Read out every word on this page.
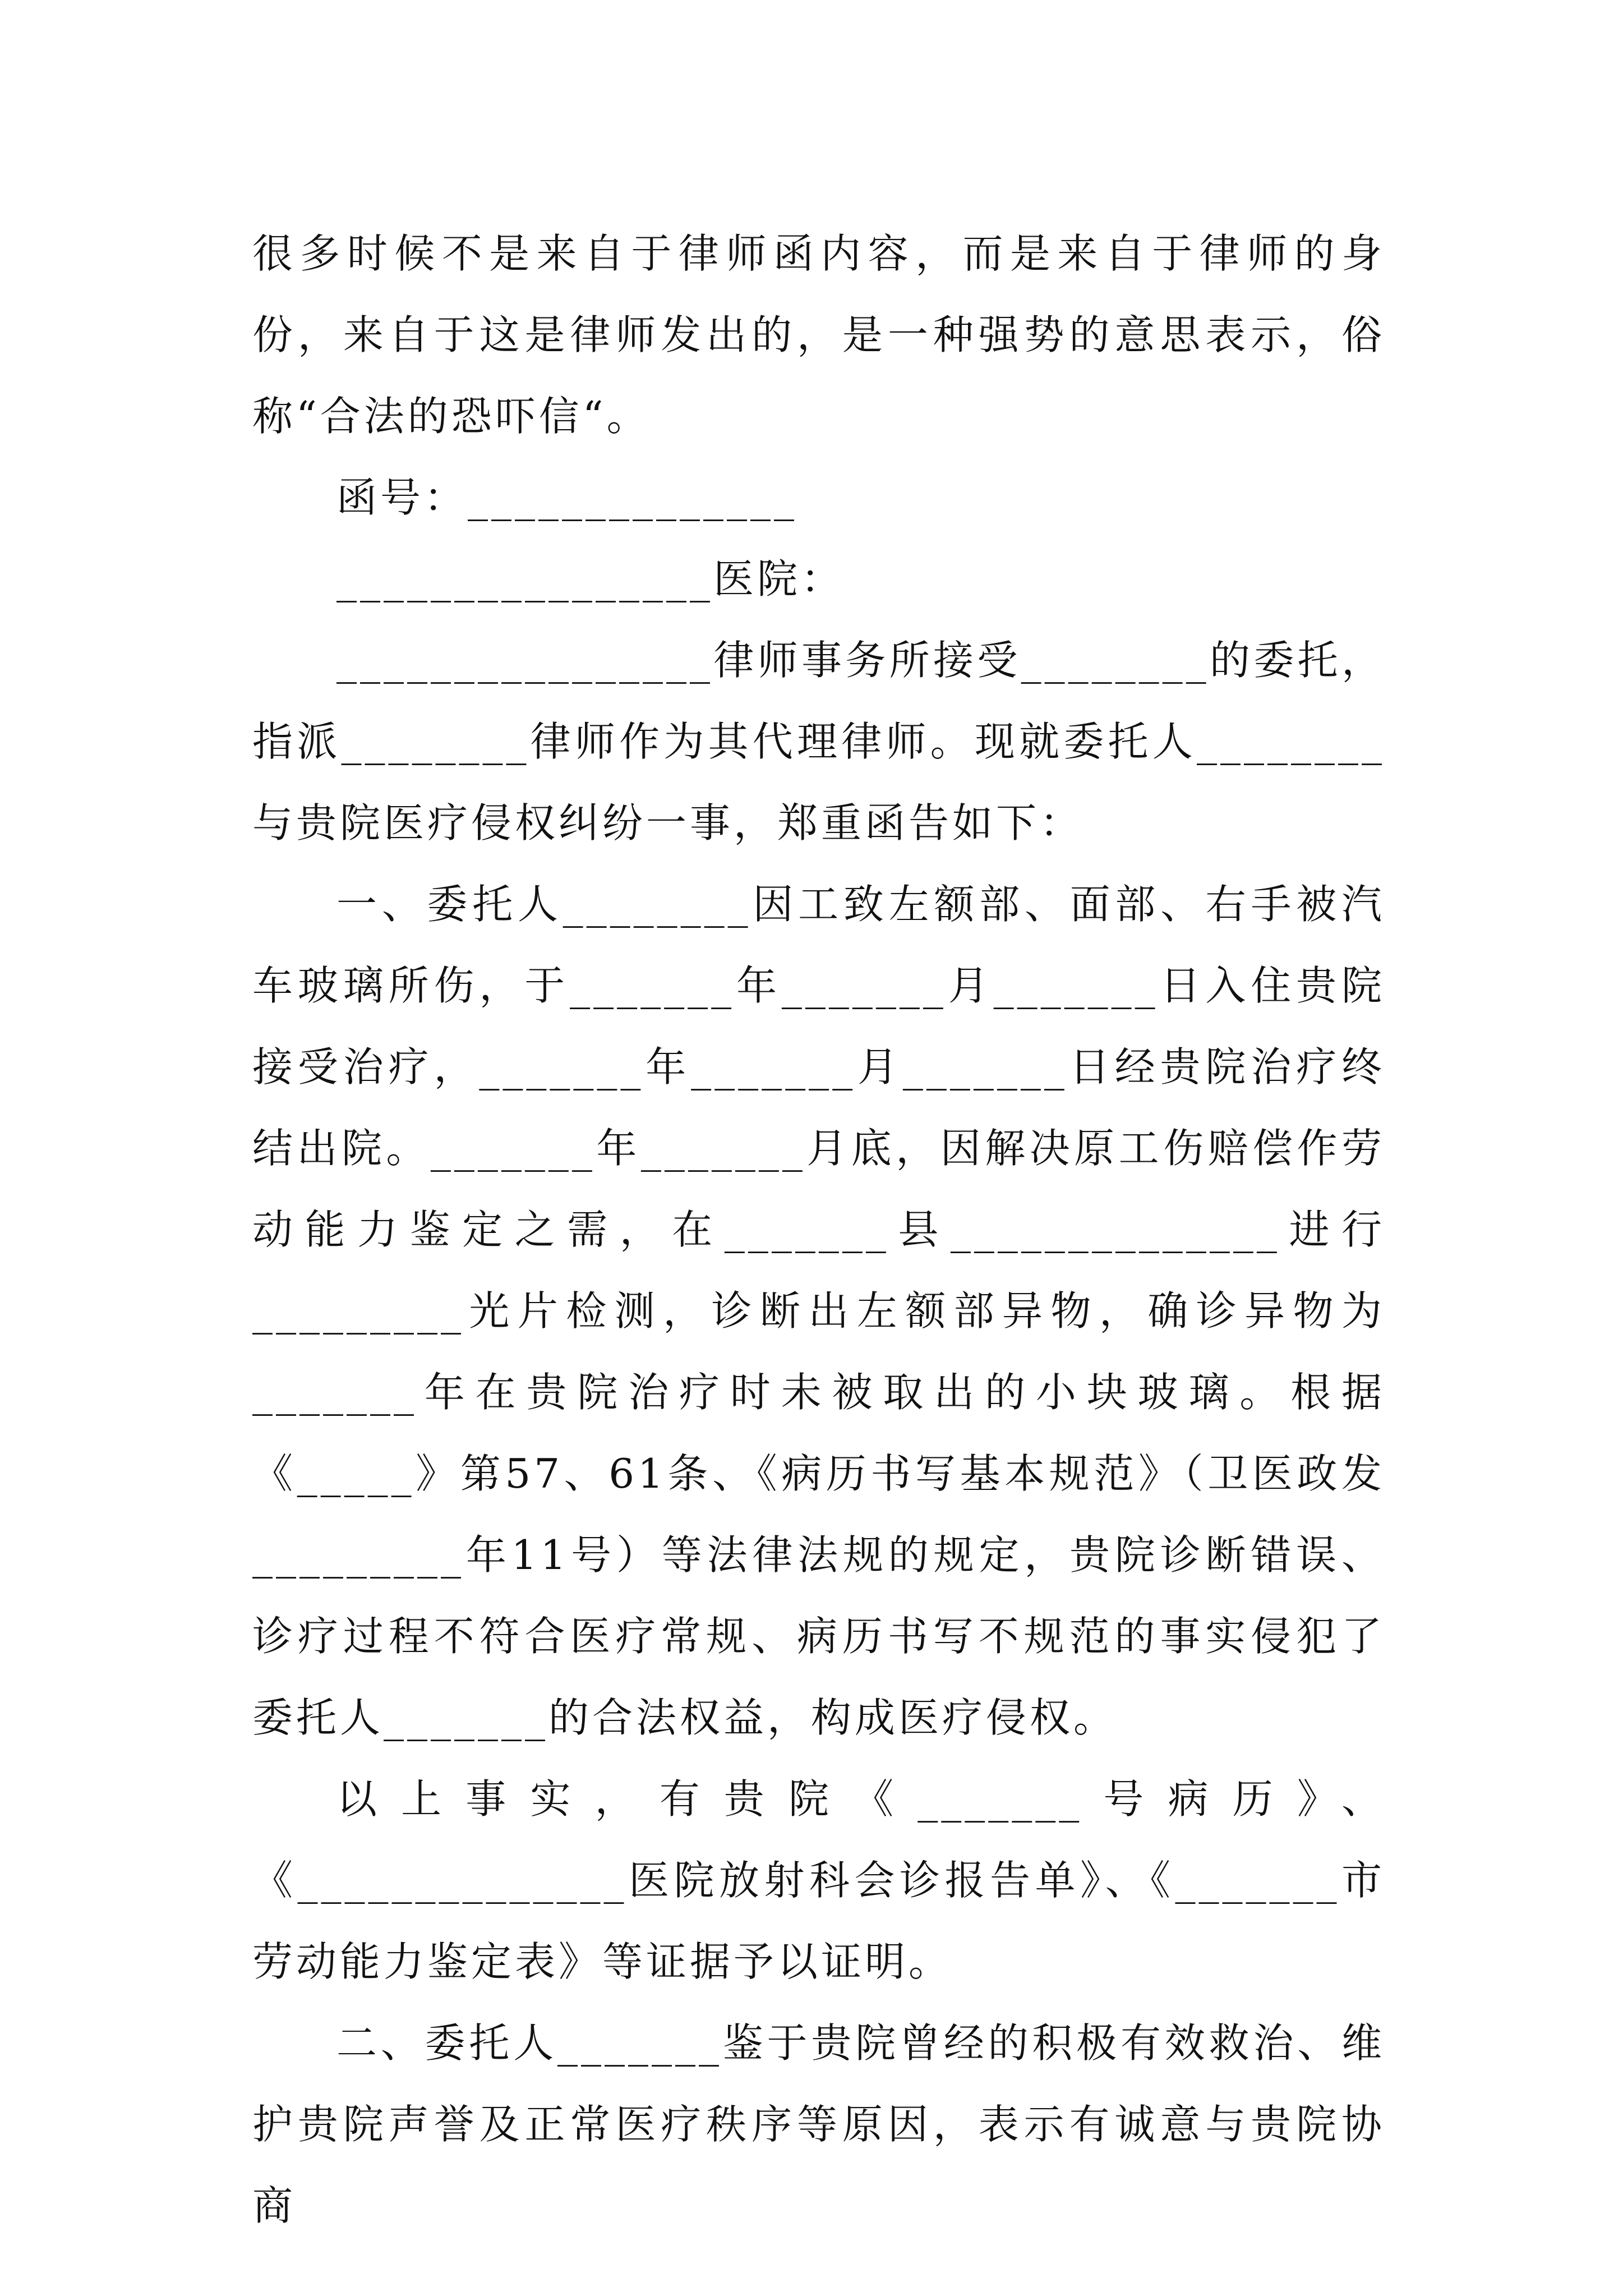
很多时候不是来自于律师函内容，而是来自于律师的身份，来自于这是律师发出的，是一种强势的意思表示，俗称“合法的恐吓信“。

函号：______________

________________医院：

________________律师事务所接受________的委托，指派________律师作为其代理律师。现就委托人________与贵院医疗侵权纠纷一事，郑重函告如下：

一、委托人________因工致左额部、面部、右手被汽车玻璃所伤，于_______年_______月_______日入住贵院接受治疗，_______年_______月_______日经贵院治疗终结出院。_______年_______月底，因解决原工伤赔偿作劳动能力鉴定之需，在_______县______________进行_________光片检测，诊断出左额部异物，确诊异物为_______年在贵院治疗时未被取出的小块玻璃。根据《_____》第57、61条、《病历书写基本规范》（卫医政发_________年11号）等法律法规的规定，贵院诊断错误、诊疗过程不符合医疗常规、病历书写不规范的事实侵犯了委托人_______的合法权益，构成医疗侵权。

以上事实，有贵院《_______号病历》、《______________医院放射科会诊报告单》、《_______市劳动能力鉴定表》等证据予以证明。

二、委托人_______鉴于贵院曾经的积极有效救治、维护贵院声誉及正常医疗秩序等原因，表示有诚意与贵院协商
